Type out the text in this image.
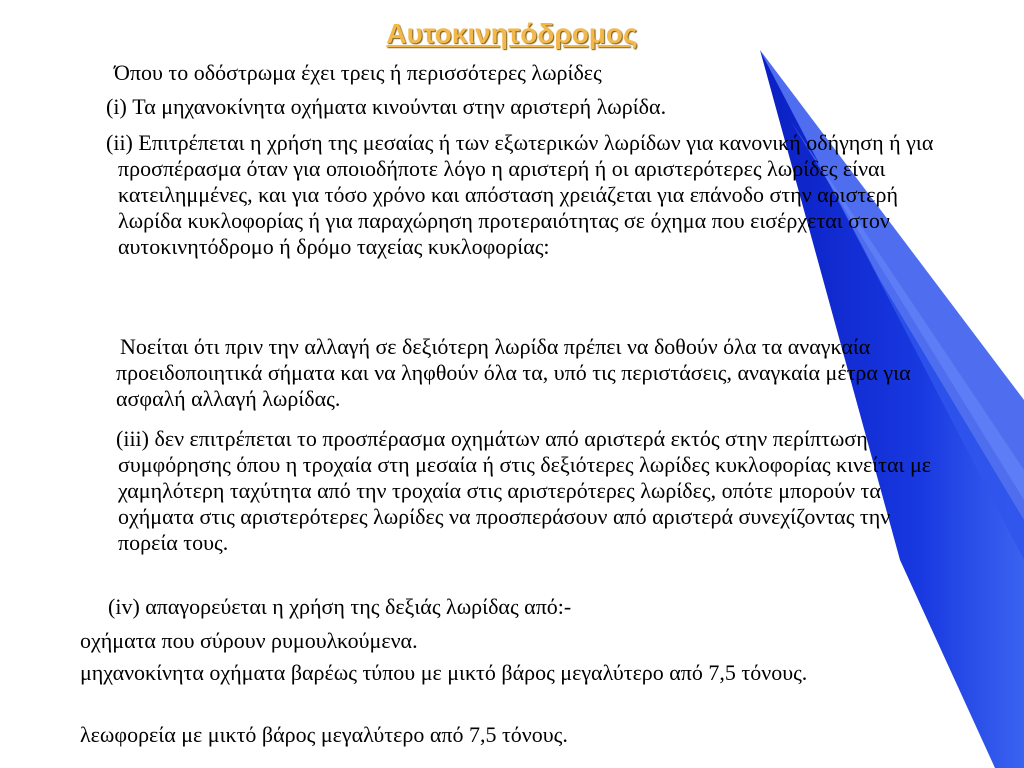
Αυτοκινητόδρομος

Όπου το οδόστρωμα έχει τρεις ή περισσότερες λωρίδες

(i) Τα μηχανοκίνητα οχήματα κινούνται στην αριστερή λωρίδα.

(ii) Επιτρέπεται η χρήση της μεσαίας ή των εξωτερικών λωρίδων για κανονική οδήγηση ή για προσπέρασμα όταν για οποιοδήποτε λόγο η αριστερή ή οι αριστερότερες λωρίδες είναι κατειλημμένες, και για τόσο χρόνο και απόσταση χρειάζεται για επάνοδο στην αριστερή λωρίδα κυκλοφορίας ή για παραχώρηση προτεραιότητας σε όχημα που εισέρχεται στον αυτοκινητόδρομο ή δρόμο ταχείας κυκλοφορίας:

Νοείται ότι πριν την αλλαγή σε δεξιότερη λωρίδα πρέπει να δοθούν όλα τα αναγκαία προειδοποιητικά σήματα και να ληφθούν όλα τα, υπό τις περιστάσεις, αναγκαία μέτρα για ασφαλή αλλαγή λωρίδας.

(iii) δεν επιτρέπεται το προσπέρασμα οχημάτων από αριστερά εκτός στην περίπτωση συμφόρησης όπου η τροχαία στη μεσαία ή στις δεξιότερες λωρίδες κυκλοφορίας κινείται με χαμηλότερη ταχύτητα από την τροχαία στις αριστερότερες λωρίδες, οπότε μπορούν τα οχήματα στις αριστερότερες λωρίδες να προσπεράσουν από αριστερά συνεχίζοντας την πορεία τους.

(iv) απαγορεύεται η χρήση της δεξιάς λωρίδας από:-

οχήματα που σύρουν ρυμουλκούμενα.

μηχανοκίνητα οχήματα βαρέως τύπου με μικτό βάρος μεγαλύτερο από 7,5 τόνους.

λεωφορεία με μικτό βάρος μεγαλύτερο από 7,5 τόνους.
